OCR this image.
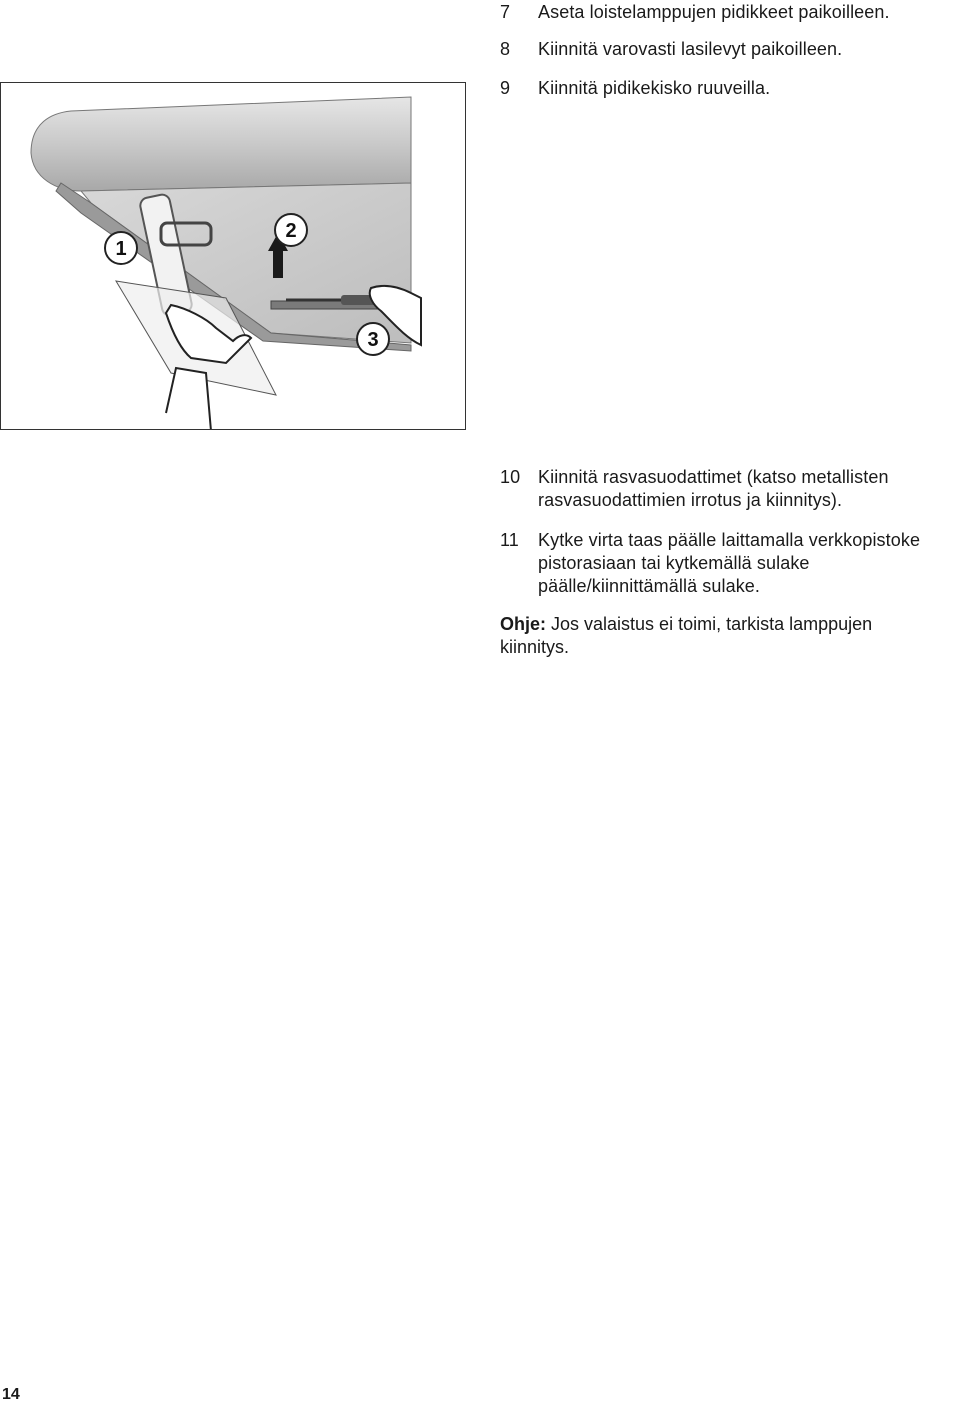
7 Aseta loistelamppujen pidikkeet paikoilleen.
8 Kiinnitä varovasti lasilevyt paikoilleen.
9 Kiinnitä pidikekisko ruuveilla.
1
2
3
10 Kiinnitä rasvasuodattimet (katso metallisten
rasvasuodattimien irrotus ja kiinnitys).
11 Kytke virta taas päälle laittamalla verkkopistoke
pistorasiaan tai kytkemällä sulake
päälle/kiinnittämällä sulake.
Ohje: Jos valaistus ei toimi, tarkista lamppujen kiinnitys.
14
